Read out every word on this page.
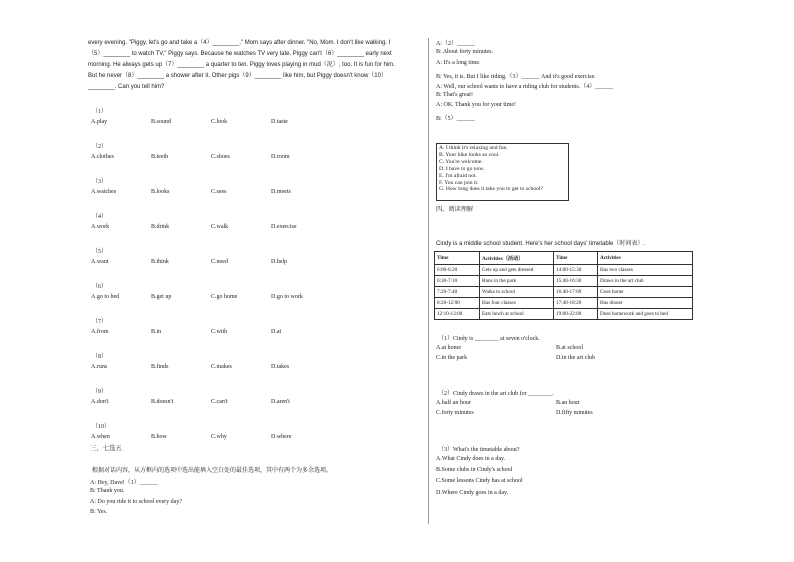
every evening. "Piggy, let's go and take a（4）________," Mom says after dinner. "No, Mom. I don't like walking. I
（5）________ to watch TV," Piggy says. Because he watches TV very late, Piggy can't（6）________ early next
morning. He always gets up（7）________ a quarter to ten. Piggy loves playing in mud（泥）, too. It is fun for him.
But he never（8）________ a shower after it. Other pigs（9）________ like him, but Piggy doesn't know（10）
________. Can you tell him?
（1）
A.play	B.sound	C.look	D.taste
（2）
A.clothes	B.teeth	C.shoes	D.room
（3）
A.watches	B.looks	C.sees	D.meets
（4）
A.work	B.drink	C.walk	D.exercise
（5）
A.want	B.think	C.need	D.help
（6）
A.go to bed	B.get up	C.go home	D.go to work
（7）
A.from	B.in	C.with	D.at
（8）
A.runs	B.finds	C.makes	D.takes
（9）
A.don't	B.doesn't	C.can't	D.aren't
（10）
A.when	B.how	C.why	D.where
三、七选五
根据对话内容，从方框内的选项中选出能填入空白处的最佳选项，其中有两个为多余选项。
A: Hey, Dave!（1）______
B: Thank you.
A: Do you ride it to school every day?
B: Yes.
A:（2）______
B: About forty minutes.
A: It's a long time.
B: Yes, it is. But I like riding.（3）______ And it's good exercise.
A: Well, our school wants to have a riding club for students.（4）______
B: That's great!
A: OK. Thank you for your time!
B:（5）______
A. I think it's relaxing and fun.
B. Your bike looks so cool.
C. You're welcome.
D. I have to go now.
E. I'm afraid not.
F. You can join it.
G. How long does it take you to get to school?
四、阅读理解
Cindy is a middle school student. Here's her school days' timetable（时间表）.
Time	Activities（活动）	Time	Activities
6:00-6:20	Gets up and gets dressed	14:00-15:30	Has two classes
6:30-7:10	Runs in the park	15:40-16:30	Draws in the art club
7:20-7:40	Walks to school	16:40-17:00	Goes home
8:20-12:00	Has four classes	17:40-18:20	Has dinner
12:10-13:00	Eats lunch at school	19:00-22:00	Does homework and goes to bed
（1）Cindy is ________ at seven o'clock.
A.at home	B.at school
C.in the park	D.in the art club
（2）Cindy draws in the art club for ________.
A.half an hour	B.an hour
C.forty minutes	D.fifty minutes
（3）What's the timetable about?
A.What Cindy does in a day.
B.Some clubs in Cindy's school
C.Some lessons Cindy has at school
D.Where Cindy goes in a day.
